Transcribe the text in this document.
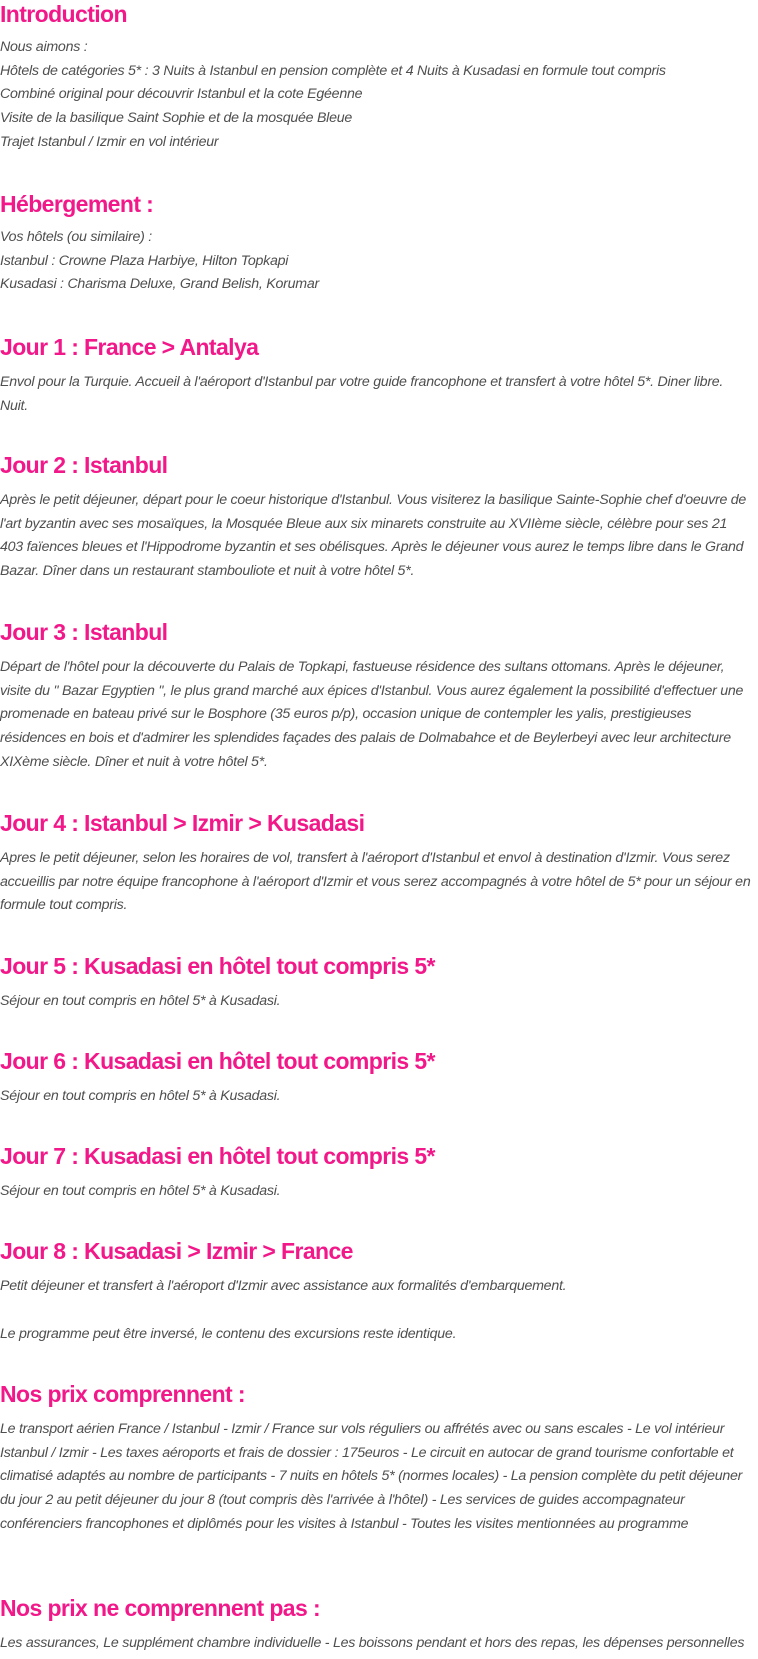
Introduction

Nous aimons :
Hôtels de catégories 5* : 3 Nuits à Istanbul en pension complète et 4 Nuits à Kusadasi en formule tout compris
Combiné original pour découvrir Istanbul et la cote Egéenne
Visite de la basilique Saint Sophie et de la mosquée Bleue
Trajet Istanbul / Izmir en vol intérieur

Hébergement :

Vos hôtels (ou similaire) :
Istanbul : Crowne Plaza Harbiye, Hilton Topkapi
Kusadasi : Charisma Deluxe, Grand Belish, Korumar

Jour 1 : France > Antalya

Envol pour la Turquie. Accueil à l'aéroport d'Istanbul par votre guide francophone et transfert à votre hôtel 5*. Diner libre. Nuit.

Jour 2 : Istanbul

Après le petit déjeuner, départ pour le coeur historique d'Istanbul. Vous visiterez la basilique Sainte-Sophie chef d'oeuvre de l'art byzantin avec ses mosaïques, la Mosquée Bleue aux six minarets construite au XVIIème siècle, célèbre pour ses 21 403 faïences bleues et l'Hippodrome byzantin et ses obélisques. Après le déjeuner vous aurez le temps libre dans le Grand Bazar. Dîner dans un restaurant stambouliote et nuit à votre hôtel 5*.

Jour 3 : Istanbul

Départ de l'hôtel pour la découverte du Palais de Topkapi, fastueuse résidence des sultans ottomans. Après le déjeuner, visite du " Bazar Egyptien ", le plus grand marché aux épices d'Istanbul. Vous aurez également la possibilité d'effectuer une promenade en bateau privé sur le Bosphore (35 euros p/p), occasion unique de contempler les yalis, prestigieuses résidences en bois et d'admirer les splendides façades des palais de Dolmabahce et de Beylerbeyi avec leur architecture XIXème siècle. Dîner et nuit à votre hôtel 5*.

Jour 4 : Istanbul > Izmir > Kusadasi

Apres le petit déjeuner, selon les horaires de vol, transfert à l'aéroport d'Istanbul et envol à destination d'Izmir. Vous serez accueillis par notre équipe francophone à l'aéroport d'Izmir et vous serez accompagnés à votre hôtel de 5* pour un séjour en formule tout compris.

Jour 5 : Kusadasi en hôtel tout compris 5*

Séjour en tout compris en hôtel 5* à Kusadasi.

Jour 6 : Kusadasi en hôtel tout compris 5*

Séjour en tout compris en hôtel 5* à Kusadasi.

Jour 7 : Kusadasi en hôtel tout compris 5*

Séjour en tout compris en hôtel 5* à Kusadasi.

Jour 8 : Kusadasi > Izmir > France

Petit déjeuner et transfert à l'aéroport d'Izmir avec assistance aux formalités d'embarquement.

Le programme peut être inversé, le contenu des excursions reste identique.

Nos prix comprennent :

Le transport aérien France / Istanbul - Izmir / France sur vols réguliers ou affrétés avec ou sans escales - Le vol intérieur Istanbul / Izmir - Les taxes aéroports et frais de dossier : 175euros - Le circuit en autocar de grand tourisme confortable et climatisé adaptés au nombre de participants - 7 nuits en hôtels 5* (normes locales) - La pension complète du petit déjeuner du jour 2 au petit déjeuner du jour 8 (tout compris dès l'arrivée à l'hôtel) - Les services de guides accompagnateur conférenciers francophones et diplômés pour les visites à Istanbul - Toutes les visites mentionnées au programme

Nos prix ne comprennent pas :

Les assurances, Le supplément chambre individuelle - Les boissons pendant et hors des repas, les dépenses personnelles
